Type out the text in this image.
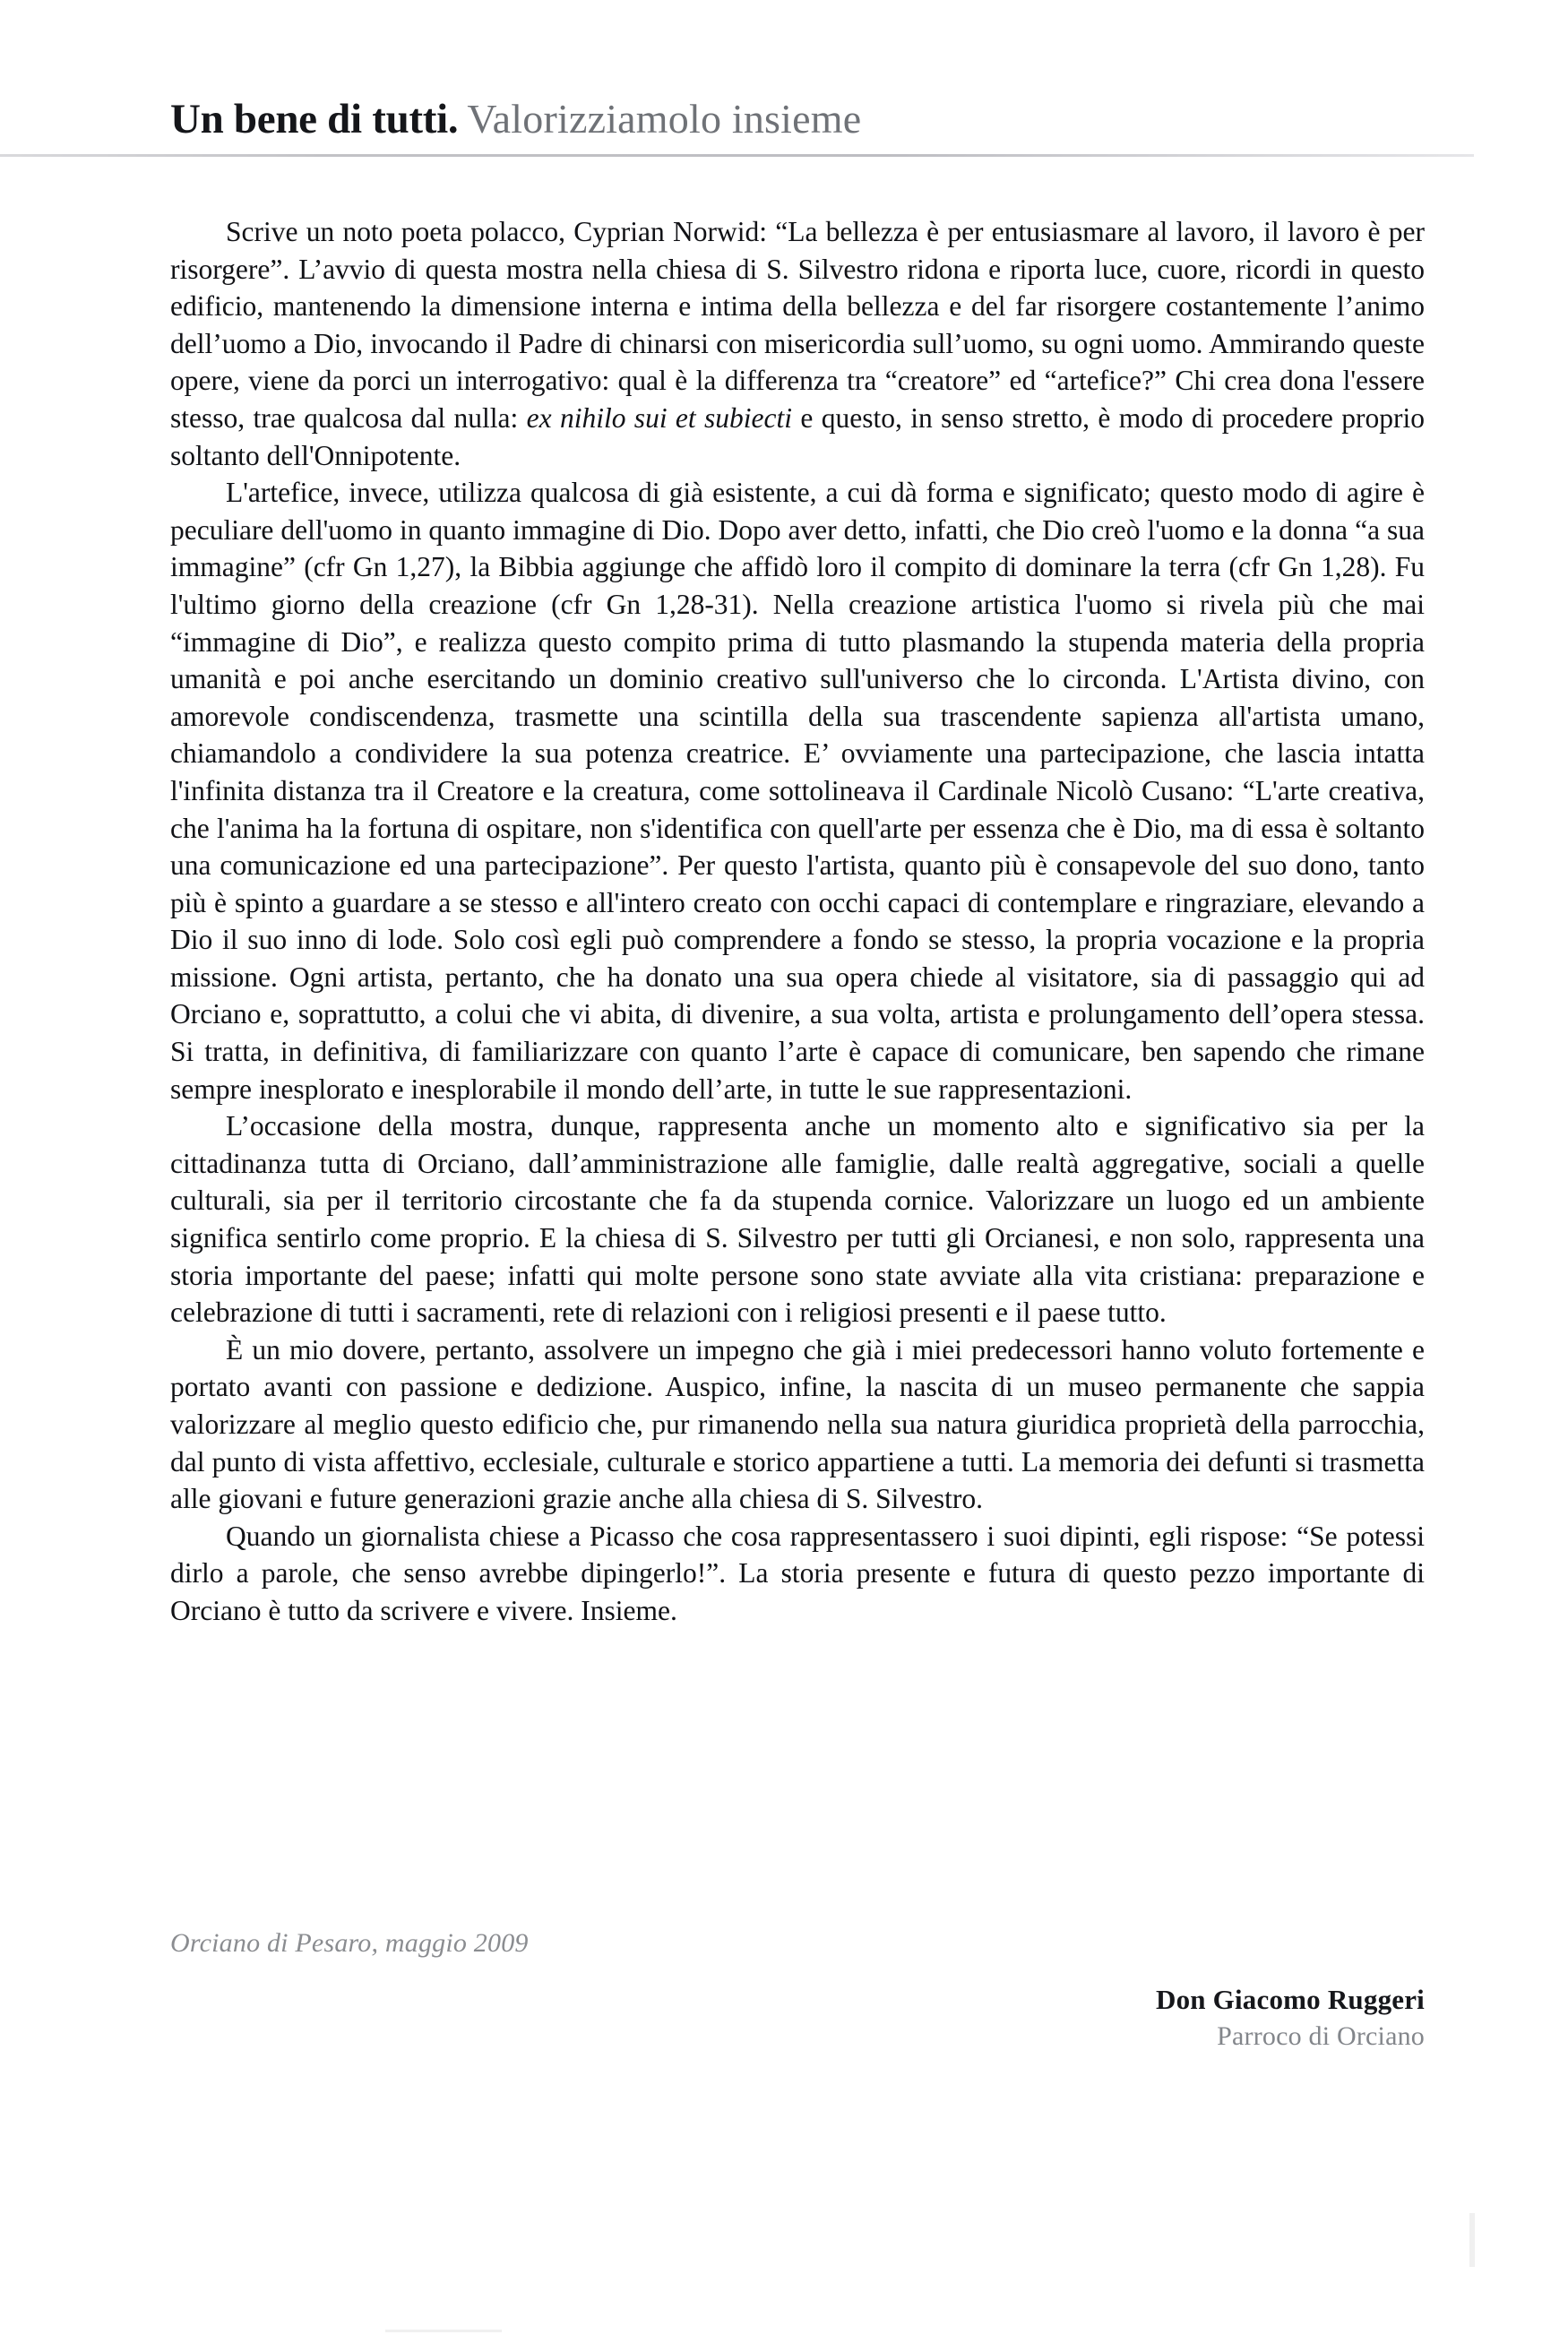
Un bene di tutti. Valorizziamolo insieme

Scrive un noto poeta polacco, Cyprian Norwid: “La bellezza è per entusiasmare al lavoro, il lavoro è per risorgere”. L’avvio di questa mostra nella chiesa di S. Silvestro ridona e riporta luce, cuore, ricordi in questo edificio, mantenendo la dimensione interna e intima della bellezza e del far risorgere costantemente l’animo dell’uomo a Dio, invocando il Padre di chinarsi con misericordia sull’uomo, su ogni uomo. Ammirando queste opere, viene da porci un interrogativo: qual è la differenza tra “creatore” ed “artefice?” Chi crea dona l'essere stesso, trae qualcosa dal nulla: ex nihilo sui et subiecti e questo, in senso stretto, è modo di procedere proprio soltanto dell'Onnipotente.

L'artefice, invece, utilizza qualcosa di già esistente, a cui dà forma e significato; questo modo di agire è peculiare dell'uomo in quanto immagine di Dio. Dopo aver detto, infatti, che Dio creò l'uomo e la donna “a sua immagine” (cfr Gn 1,27), la Bibbia aggiunge che affidò loro il compito di dominare la terra (cfr Gn 1,28). Fu l'ultimo giorno della creazione (cfr Gn 1,28-31). Nella creazione artistica l'uomo si rivela più che mai “immagine di Dio”, e realizza questo compito prima di tutto plasmando la stupenda materia della propria umanità e poi anche esercitando un dominio creativo sull'universo che lo circonda. L'Artista divino, con amorevole condiscendenza, trasmette una scintilla della sua trascendente sapienza all'artista umano, chiamandolo a condividere la sua potenza creatrice. E’ ovviamente una partecipazione, che lascia intatta l'infinita distanza tra il Creatore e la creatura, come sottolineava il Cardinale Nicolò Cusano: “L'arte creativa, che l'anima ha la fortuna di ospitare, non s'identifica con quell'arte per essenza che è Dio, ma di essa è soltanto una comunicazione ed una partecipazione”. Per questo l'artista, quanto più è consapevole del suo dono, tanto più è spinto a guardare a se stesso e all'intero creato con occhi capaci di contemplare e ringraziare, elevando a Dio il suo inno di lode. Solo così egli può comprendere a fondo se stesso, la propria vocazione e la propria missione. Ogni artista, pertanto, che ha donato una sua opera chiede al visitatore, sia di passaggio qui ad Orciano e, soprattutto, a colui che vi abita, di divenire, a sua volta, artista e prolungamento dell’opera stessa. Si tratta, in definitiva, di familiarizzare con quanto l’arte è capace di comunicare, ben sapendo che rimane sempre inesplorato e inesplorabile il mondo dell’arte, in tutte le sue rappresentazioni.

L’occasione della mostra, dunque, rappresenta anche un momento alto e significativo sia per la cittadinanza tutta di Orciano, dall’amministrazione alle famiglie, dalle realtà aggregative, sociali a quelle culturali, sia per il territorio circostante che fa da stupenda cornice. Valorizzare un luogo ed un ambiente significa sentirlo come proprio. E la chiesa di S. Silvestro per tutti gli Orcianesi, e non solo, rappresenta una storia importante del paese; infatti qui molte persone sono state avviate alla vita cristiana: preparazione e celebrazione di tutti i sacramenti, rete di relazioni con i religiosi presenti e il paese tutto.

È un mio dovere, pertanto, assolvere un impegno che già i miei predecessori hanno voluto fortemente e portato avanti con passione e dedizione. Auspico, infine, la nascita di un museo permanente che sappia valorizzare al meglio questo edificio che, pur rimanendo nella sua natura giuridica proprietà della parrocchia, dal punto di vista affettivo, ecclesiale, culturale e storico appartiene a tutti. La memoria dei defunti si trasmetta alle giovani e future generazioni grazie anche alla chiesa di S. Silvestro.

Quando un giornalista chiese a Picasso che cosa rappresentassero i suoi dipinti, egli rispose: “Se potessi dirlo a parole, che senso avrebbe dipingerlo!”. La storia presente e futura di questo pezzo importante di Orciano è tutto da scrivere e vivere. Insieme.

Orciano di Pesaro, maggio 2009
Don Giacomo Ruggeri
Parroco di Orciano
